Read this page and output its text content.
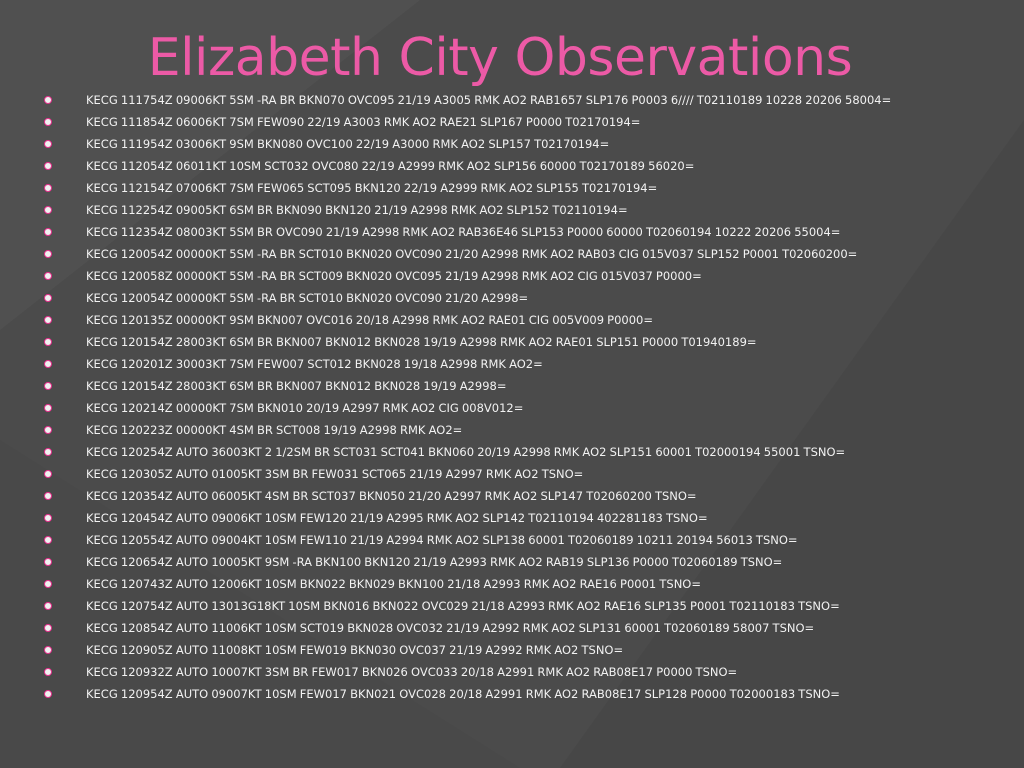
Elizabeth City Observations
KECG 111754Z 09006KT 5SM -RA BR BKN070 OVC095 21/19 A3005 RMK AO2 RAB1657 SLP176 P0003 6//// T02110189 10228 20206 58004=
KECG 111854Z 06006KT 7SM FEW090 22/19 A3003 RMK AO2 RAE21 SLP167 P0000 T02170194=
KECG 111954Z 03006KT 9SM BKN080 OVC100 22/19 A3000 RMK AO2 SLP157 T02170194=
KECG 112054Z 06011KT 10SM SCT032 OVC080 22/19 A2999 RMK AO2 SLP156 60000 T02170189 56020=
KECG 112154Z 07006KT 7SM FEW065 SCT095 BKN120 22/19 A2999 RMK AO2 SLP155 T02170194=
KECG 112254Z 09005KT 6SM BR BKN090 BKN120 21/19 A2998 RMK AO2 SLP152 T02110194=
KECG 112354Z 08003KT 5SM BR OVC090 21/19 A2998 RMK AO2 RAB36E46 SLP153 P0000 60000 T02060194 10222 20206 55004=
KECG 120054Z 00000KT 5SM -RA BR SCT010 BKN020 OVC090 21/20 A2998 RMK AO2 RAB03 CIG 015V037 SLP152 P0001 T02060200=
KECG 120058Z 00000KT 5SM -RA BR SCT009 BKN020 OVC095 21/19 A2998 RMK AO2 CIG 015V037 P0000=
KECG 120054Z 00000KT 5SM -RA BR SCT010 BKN020 OVC090 21/20 A2998=
KECG 120135Z 00000KT 9SM BKN007 OVC016 20/18 A2998 RMK AO2 RAE01 CIG 005V009 P0000=
KECG 120154Z 28003KT 6SM BR BKN007 BKN012 BKN028 19/19 A2998 RMK AO2 RAE01 SLP151 P0000 T01940189=
KECG 120201Z 30003KT 7SM FEW007 SCT012 BKN028 19/18 A2998 RMK AO2=
KECG 120154Z 28003KT 6SM BR BKN007 BKN012 BKN028 19/19 A2998=
KECG 120214Z 00000KT 7SM BKN010 20/19 A2997 RMK AO2 CIG 008V012=
KECG 120223Z 00000KT 4SM BR SCT008 19/19 A2998 RMK AO2=
KECG 120254Z AUTO 36003KT 2 1/2SM BR SCT031 SCT041 BKN060 20/19 A2998 RMK AO2 SLP151 60001 T02000194 55001 TSNO=
KECG 120305Z AUTO 01005KT 3SM BR FEW031 SCT065 21/19 A2997 RMK AO2 TSNO=
KECG 120354Z AUTO 06005KT 4SM BR SCT037 BKN050 21/20 A2997 RMK AO2 SLP147 T02060200 TSNO=
KECG 120454Z AUTO 09006KT 10SM FEW120 21/19 A2995 RMK AO2 SLP142 T02110194 402281183 TSNO=
KECG 120554Z AUTO 09004KT 10SM FEW110 21/19 A2994 RMK AO2 SLP138 60001 T02060189 10211 20194 56013 TSNO=
KECG 120654Z AUTO 10005KT 9SM -RA BKN100 BKN120 21/19 A2993 RMK AO2 RAB19 SLP136 P0000 T02060189 TSNO=
KECG 120743Z AUTO 12006KT 10SM BKN022 BKN029 BKN100 21/18 A2993 RMK AO2 RAE16 P0001 TSNO=
KECG 120754Z AUTO 13013G18KT 10SM BKN016 BKN022 OVC029 21/18 A2993 RMK AO2 RAE16 SLP135 P0001 T02110183 TSNO=
KECG 120854Z AUTO 11006KT 10SM SCT019 BKN028 OVC032 21/19 A2992 RMK AO2 SLP131 60001 T02060189 58007 TSNO=
KECG 120905Z AUTO 11008KT 10SM FEW019 BKN030 OVC037 21/19 A2992 RMK AO2 TSNO=
KECG 120932Z AUTO 10007KT 3SM BR FEW017 BKN026 OVC033 20/18 A2991 RMK AO2 RAB08E17 P0000 TSNO=
KECG 120954Z AUTO 09007KT 10SM FEW017 BKN021 OVC028 20/18 A2991 RMK AO2 RAB08E17 SLP128 P0000 T02000183 TSNO=
